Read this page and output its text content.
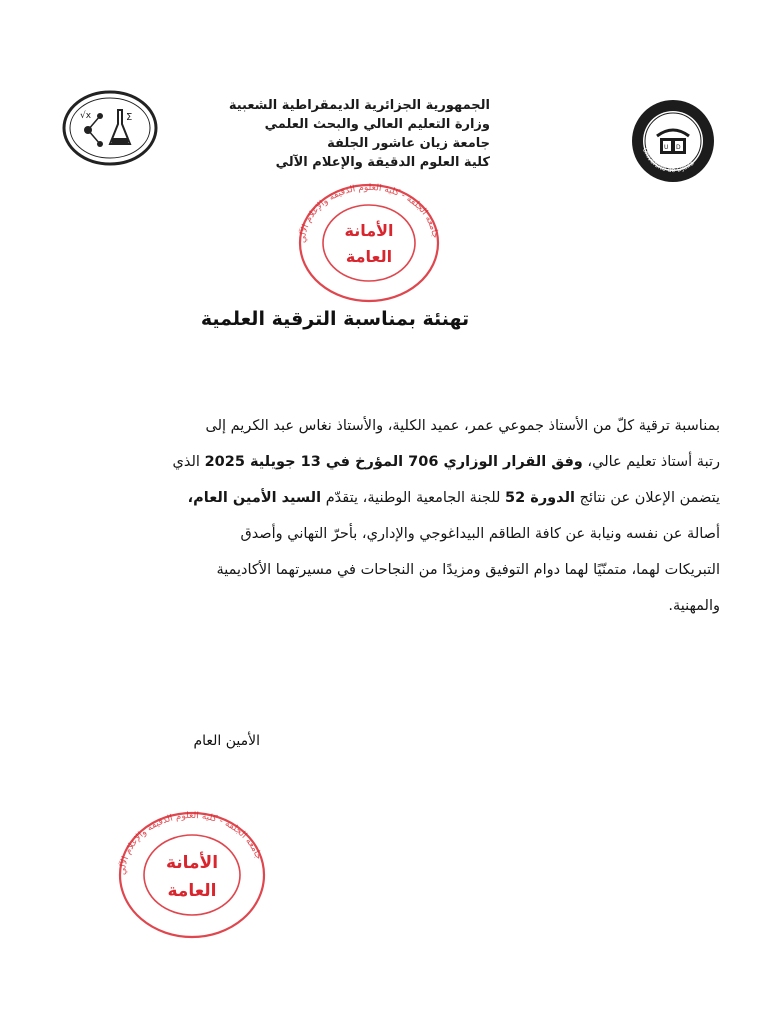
Σ
√x
U D
Université de Djelfa
الجمهورية الجزائرية الديمقراطية الشعبية
وزارة التعليم العالي والبحث العلمي
جامعة زيان عاشور الجلفة
كلية العلوم الدقيقة والإعلام الآلي
جامعة الجلفة - كلية العلوم الدقيقة والإعلام الآلي
الأمانة
العامة
تهنئة بمناسبة الترقية العلمية

بمناسبة ترقية كلّ من الأستاذ جموعي عمر، عميد الكلية، والأستاذ نغاس عبد الكريم إلى

رتبة أستاذ تعليم عالي، وفق القرار الوزاري 706 المؤرخ في 13 جويلية 2025 الذي

يتضمن الإعلان عن نتائج الدورة 52 للجنة الجامعية الوطنية، يتقدّم السيد الأمين العام،

أصالة عن نفسه ونيابة عن كافة الطاقم البيداغوجي والإداري، بأحرّ التهاني وأصدق

التبريكات لهما، متمنّيًا لهما دوام التوفيق ومزيدًا من النجاحات في مسيرتهما الأكاديمية

والمهنية.

الأمين العام
جامعة الجلفة - كلية العلوم الدقيقة والإعلام الآلي
الأمانة
العامة
